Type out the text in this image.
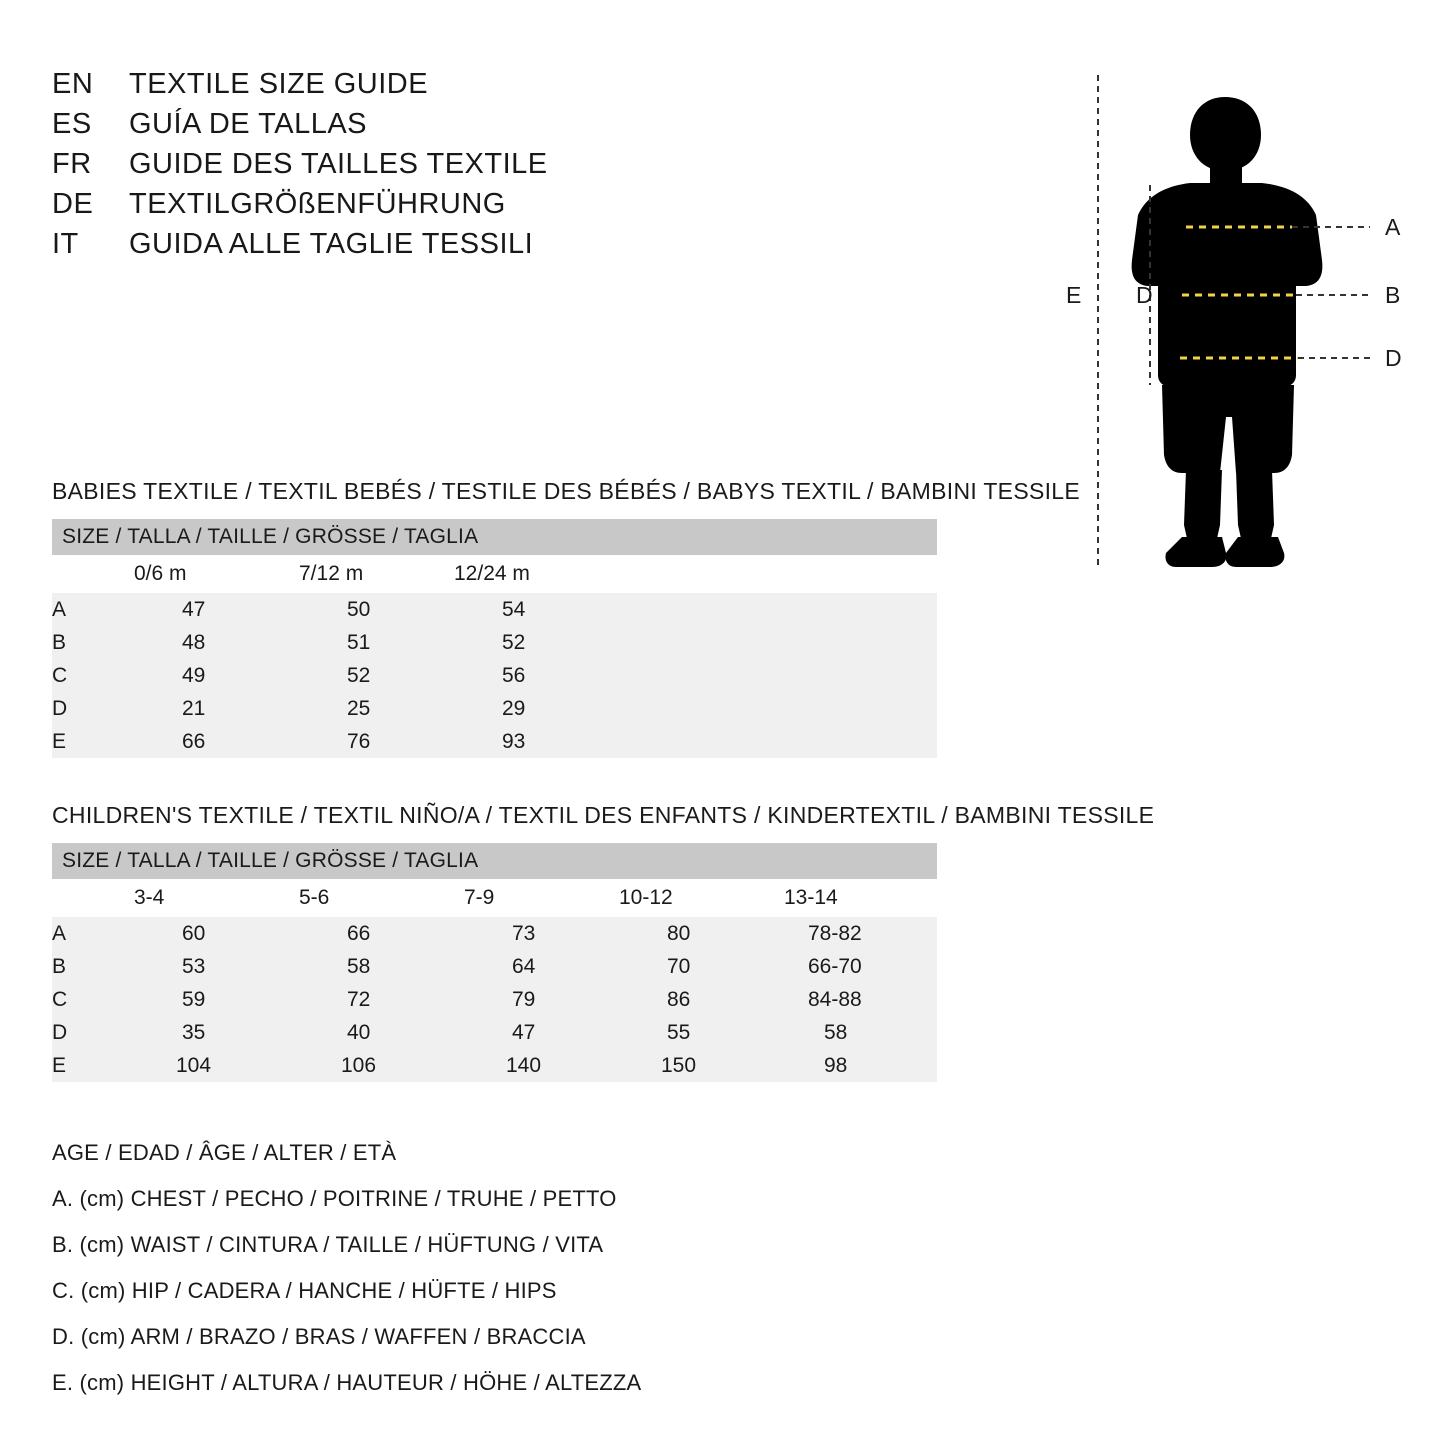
EN	TEXTILE SIZE GUIDE
ES	GUÍA DE TALLAS
FR	GUIDE DES TAILLES TEXTILE
DE	TEXTILGRÖßENFÜHRUNG
IT	GUIDA ALLE TAGLIE TESSILI
A
B
D
D
E
BABIES TEXTILE / TEXTIL BEBÉS / TESTILE DES BÉBÉS / BABYS TEXTIL / BAMBINI TESSILE
SIZE / TALLA / TAILLE / GRÖSSE / TAGLIA			
	0/6 m	7/12 m	12/24 m
A	47	50	54
B	48	51	52
C	49	52	56
D	21	25	29
E	66	76	93
CHILDREN'S TEXTILE / TEXTIL NIÑO/A / TEXTIL DES ENFANTS / KINDERTEXTIL / BAMBINI TESSILE
SIZE / TALLA / TAILLE / GRÖSSE / TAGLIA					
	3-4	5-6	7-9	10-12	13-14
A	60	66	73	80	78-82
B	53	58	64	70	66-70
C	59	72	79	86	84-88
D	35	40	47	55	58
E	104	106	140	150	98
AGE / EDAD / ÂGE / ALTER / ETÀ
A. (cm) CHEST / PECHO / POITRINE / TRUHE / PETTO
B. (cm) WAIST / CINTURA / TAILLE / HÜFTUNG / VITA
C. (cm) HIP / CADERA / HANCHE / HÜFTE / HIPS
D. (cm) ARM / BRAZO / BRAS / WAFFEN / BRACCIA
E. (cm) HEIGHT / ALTURA / HAUTEUR / HÖHE / ALTEZZA
